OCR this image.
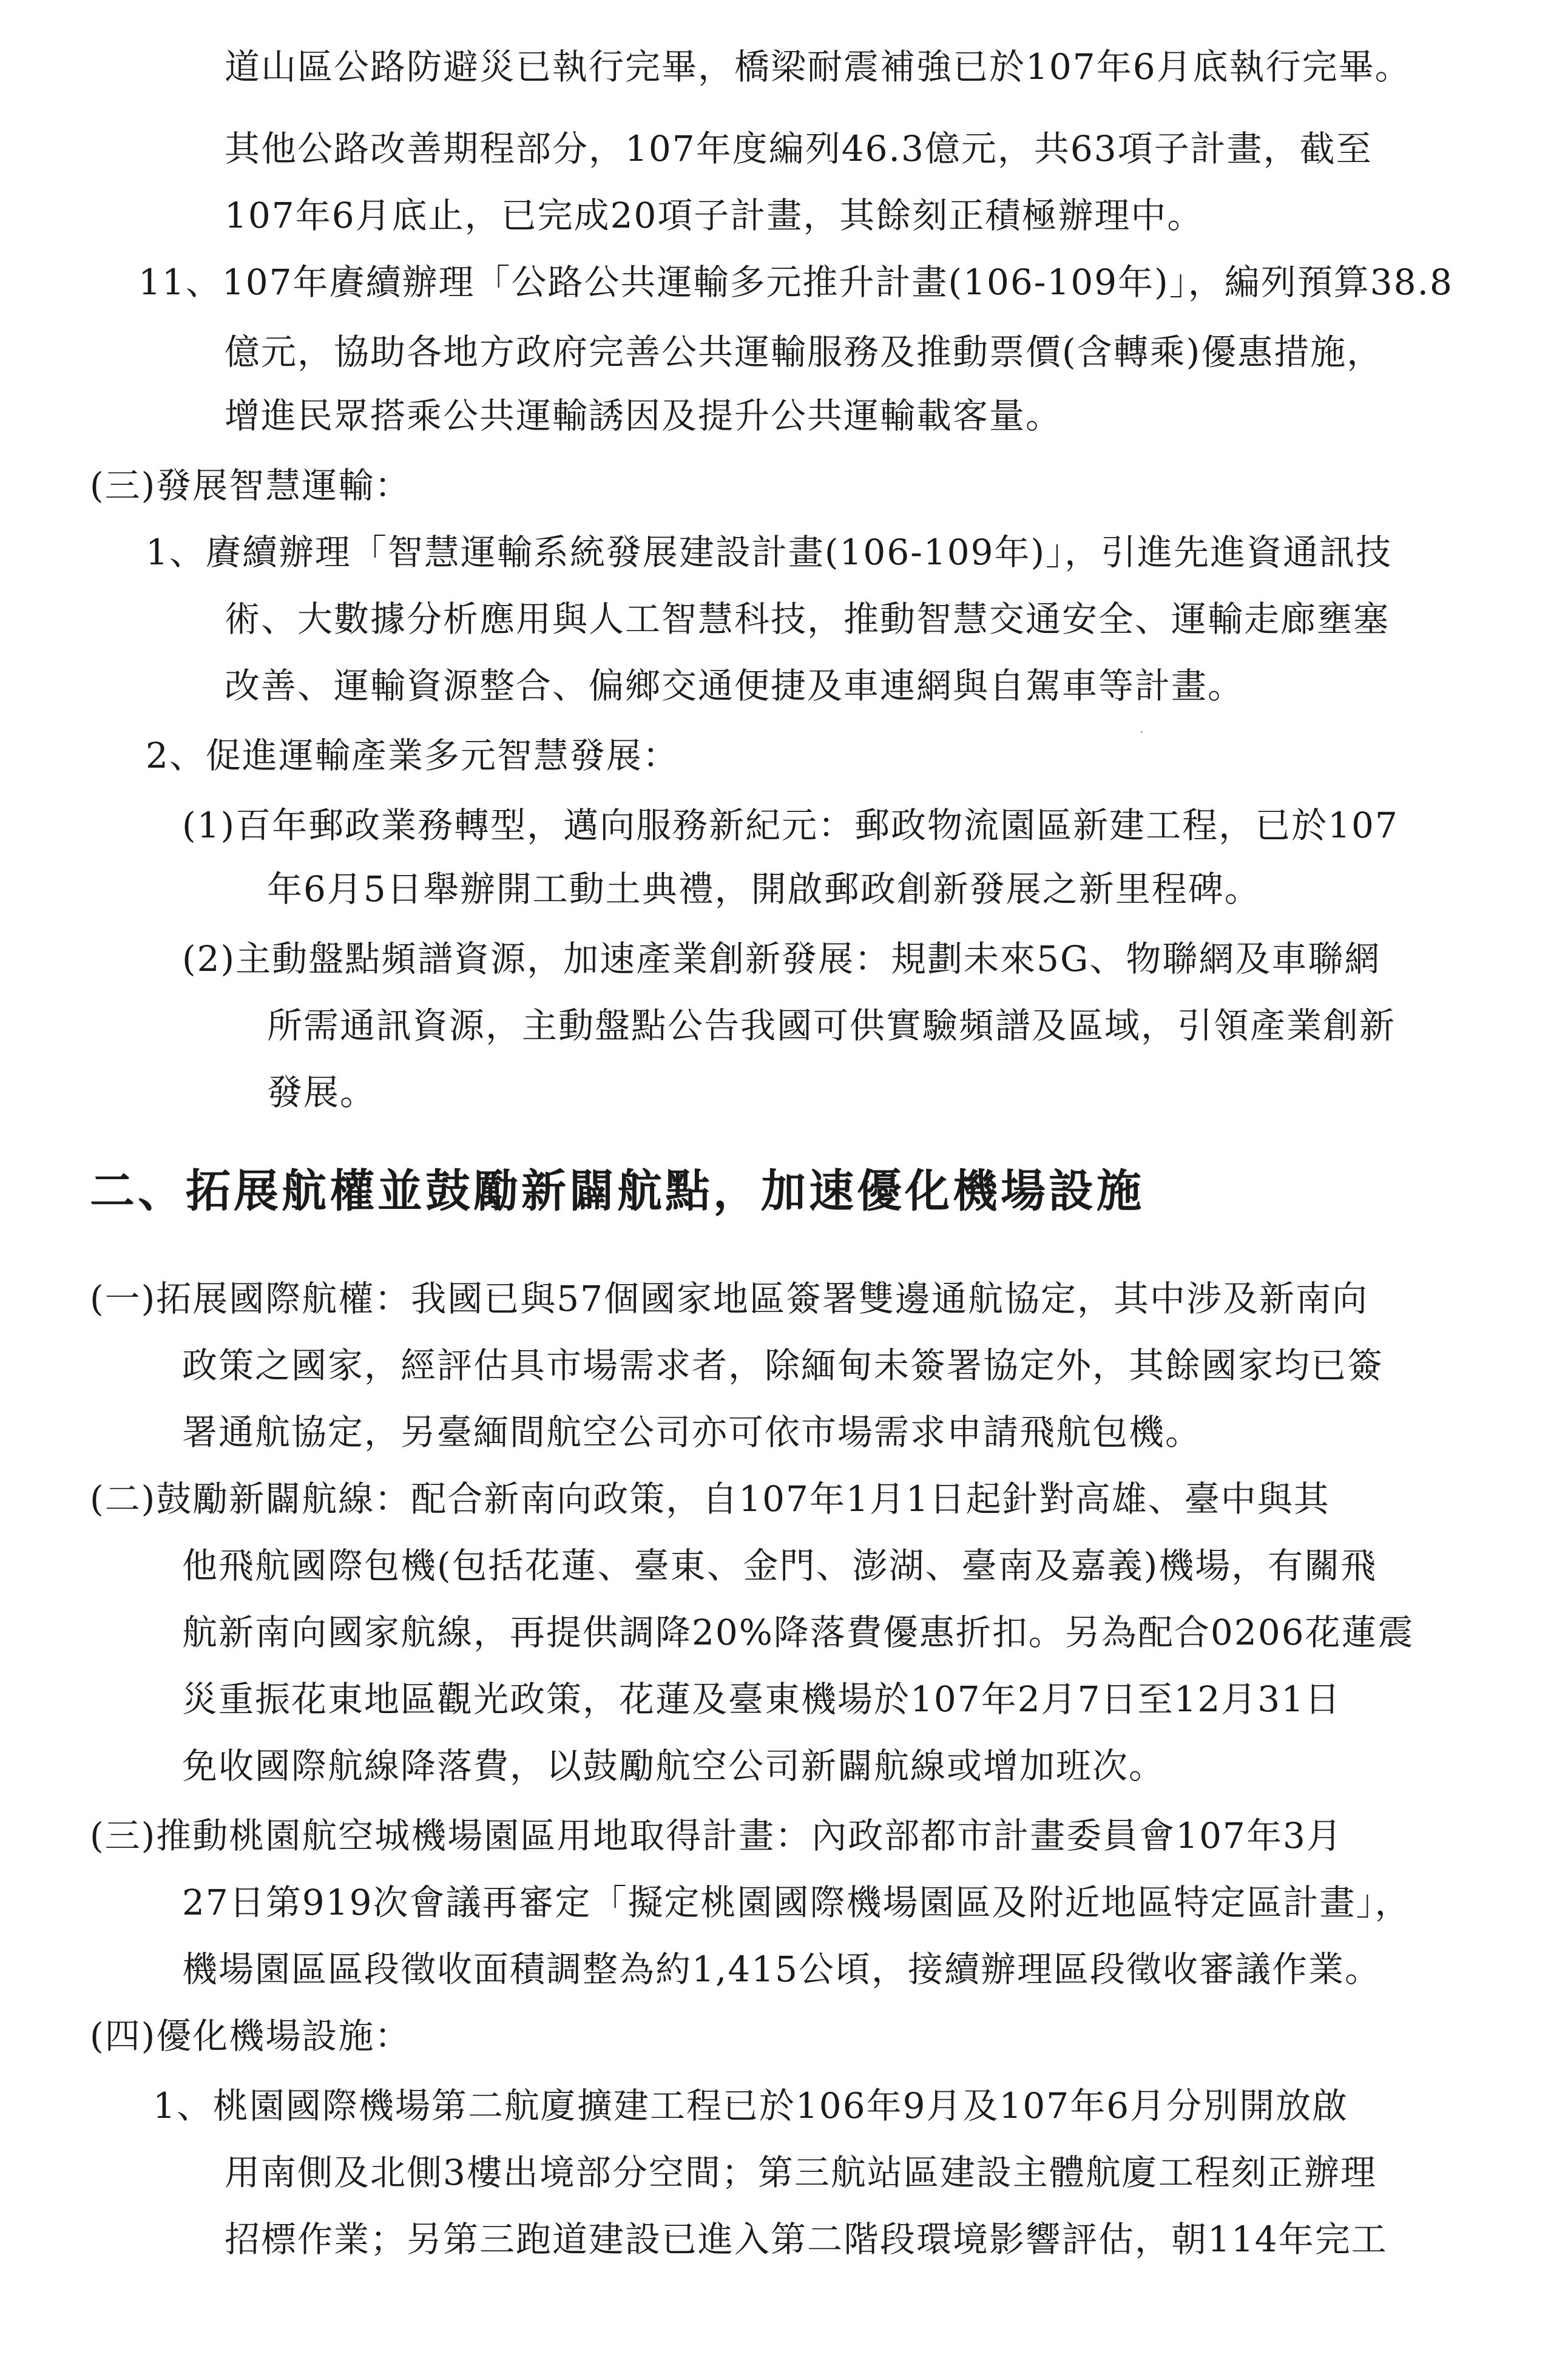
道山區公路防避災已執行完畢，橋梁耐震補強已於107年6月底執行完畢。
其他公路改善期程部分，107年度編列46.3億元，共63項子計畫，截至
107年6月底止，已完成20項子計畫，其餘刻正積極辦理中。
11、107年賡續辦理「公路公共運輸多元推升計畫(106-109年)」，編列預算38.8
億元，協助各地方政府完善公共運輸服務及推動票價(含轉乘)優惠措施，
增進民眾搭乘公共運輸誘因及提升公共運輸載客量。
(三)發展智慧運輸：
1、賡續辦理「智慧運輸系統發展建設計畫(106-109年)」，引進先進資通訊技
術、大數據分析應用與人工智慧科技，推動智慧交通安全、運輸走廊壅塞
改善、運輸資源整合、偏鄉交通便捷及車連網與自駕車等計畫。
2、促進運輸產業多元智慧發展：
(1)百年郵政業務轉型，邁向服務新紀元：郵政物流園區新建工程，已於107
年6月5日舉辦開工動土典禮，開啟郵政創新發展之新里程碑。
(2)主動盤點頻譜資源，加速產業創新發展：規劃未來5G、物聯網及車聯網
所需通訊資源，主動盤點公告我國可供實驗頻譜及區域，引領產業創新
發展。
二、拓展航權並鼓勵新闢航點，加速優化機場設施
(一)拓展國際航權：我國已與57個國家地區簽署雙邊通航協定，其中涉及新南向
政策之國家，經評估具市場需求者，除緬甸未簽署協定外，其餘國家均已簽
署通航協定，另臺緬間航空公司亦可依市場需求申請飛航包機。
(二)鼓勵新闢航線：配合新南向政策，自107年1月1日起針對高雄、臺中與其
他飛航國際包機(包括花蓮、臺東、金門、澎湖、臺南及嘉義)機場，有關飛
航新南向國家航線，再提供調降20%降落費優惠折扣。另為配合0206花蓮震
災重振花東地區觀光政策，花蓮及臺東機場於107年2月7日至12月31日
免收國際航線降落費，以鼓勵航空公司新闢航線或增加班次。
(三)推動桃園航空城機場園區用地取得計畫：內政部都市計畫委員會107年3月
27日第919次會議再審定「擬定桃園國際機場園區及附近地區特定區計畫」，
機場園區區段徵收面積調整為約1,415公頃，接續辦理區段徵收審議作業。
(四)優化機場設施：
1、桃園國際機場第二航廈擴建工程已於106年9月及107年6月分別開放啟
用南側及北側3樓出境部分空間；第三航站區建設主體航廈工程刻正辦理
招標作業；另第三跑道建設已進入第二階段環境影響評估，朝114年完工
